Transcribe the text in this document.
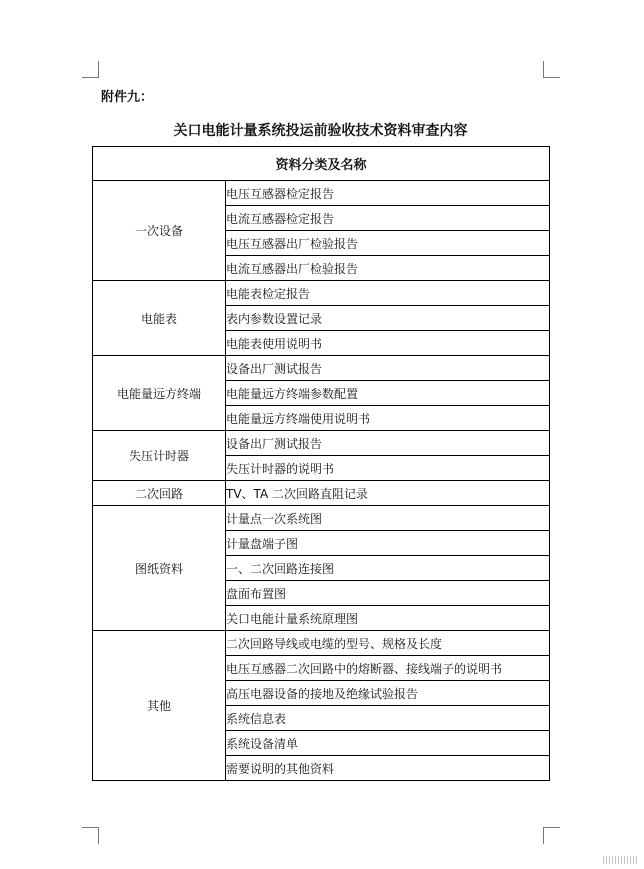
附件九：
关口电能计量系统投运前验收技术资料审查内容
资料分类及名称	
一次设备	电压互感器检定报告
	电流互感器检定报告
	电压互感器出厂检验报告
	电流互感器出厂检验报告
电能表	电能表检定报告
	表内参数设置记录
	电能表使用说明书
电能量远方终端	设备出厂测试报告
	电能量远方终端参数配置
	电能量远方终端使用说明书
失压计时器	设备出厂测试报告
	失压计时器的说明书
二次回路	TV、TA 二次回路直阻记录
图纸资料	计量点一次系统图
	计量盘端子图
	一、二次回路连接图
	盘面布置图
	关口电能计量系统原理图
其他	二次回路导线或电缆的型号、规格及长度
	电压互感器二次回路中的熔断器、接线端子的说明书
	高压电器设备的接地及绝缘试验报告
	系统信息表
	系统设备清单
	需要说明的其他资料
